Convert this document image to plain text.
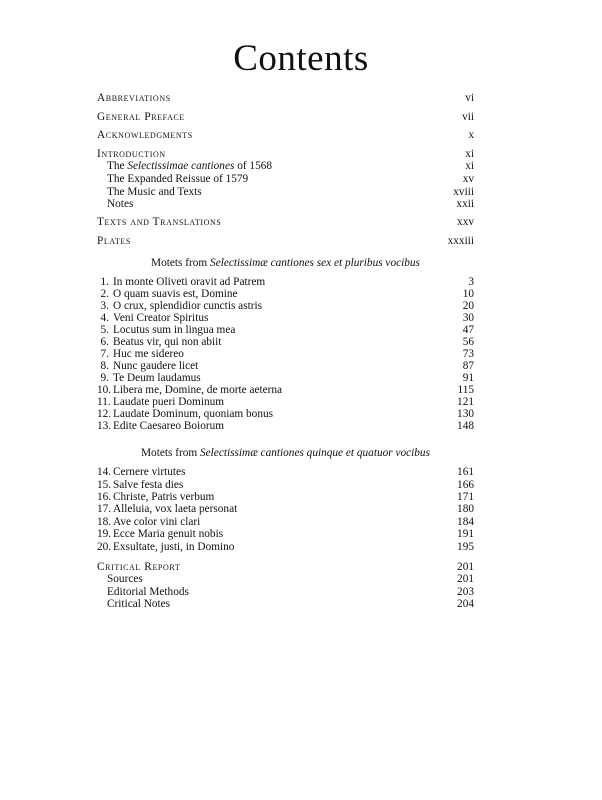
Contents
Abbreviations	vi
General Preface	vii
Acknowledgments	x
Introduction	xi
The Selectissimae cantiones of 1568	xi
The Expanded Reissue of 1579	xv
The Music and Texts	xviii
Notes	xxii
Texts and Translations	xxv
Plates	xxxiii
Motets from Selectissimæ cantiones sex et pluribus vocibus
1. In monte Oliveti oravit ad Patrem	3
2. O quam suavis est, Domine	10
3. O crux, splendidior cunctis astris	20
4. Veni Creator Spiritus	30
5. Locutus sum in lingua mea	47
6. Beatus vir, qui non abiit	56
7. Huc me sidereo	73
8. Nunc gaudere licet	87
9. Te Deum laudamus	91
10. Libera me, Domine, de morte aeterna	115
11. Laudate pueri Dominum	121
12. Laudate Dominum, quoniam bonus	130
13. Edite Caesareo Boiorum	148
Motets from Selectissimæ cantiones quinque et quatuor vocibus
14. Cernere virtutes	161
15. Salve festa dies	166
16. Christe, Patris verbum	171
17. Alleluia, vox laeta personat	180
18. Ave color vini clari	184
19. Ecce Maria genuit nobis	191
20. Exsultate, justi, in Domino	195
Critical Report	201
Sources	201
Editorial Methods	203
Critical Notes	204
